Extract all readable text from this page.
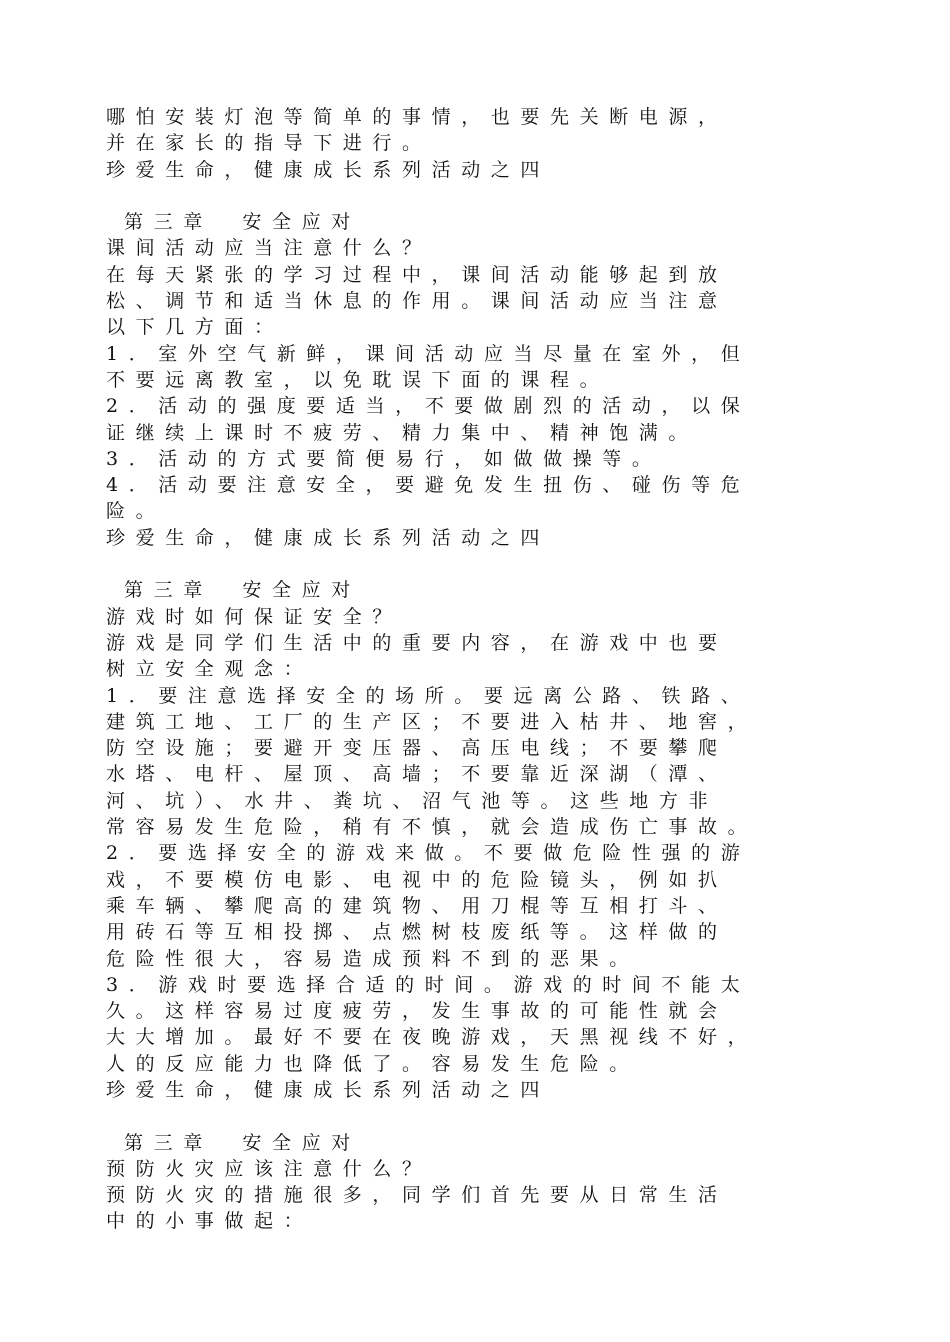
哪怕安装灯泡等简单的事情，也要先关断电源，
并在家长的指导下进行。
珍爱生命，健康成长系列活动之四
第三章　安全应对
课间活动应当注意什么？
在每天紧张的学习过程中，课间活动能够起到放
松、调节和适当休息的作用。课间活动应当注意
以下几方面：
1．室外空气新鲜，课间活动应当尽量在室外，但
不要远离教室，以免耽误下面的课程。
2．活动的强度要适当，不要做剧烈的活动，以保
证继续上课时不疲劳、精力集中、精神饱满。
3．活动的方式要简便易行，如做做操等。
4．活动要注意安全，要避免发生扭伤、碰伤等危
险。
珍爱生命，健康成长系列活动之四
第三章　安全应对
游戏时如何保证安全？
游戏是同学们生活中的重要内容，在游戏中也要
树立安全观念：
1．要注意选择安全的场所。要远离公路、铁路、
建筑工地、工厂的生产区；不要进入枯井、地窖，
防空设施；要避开变压器、高压电线；不要攀爬
水塔、电杆、屋顶、高墙；不要靠近深湖（潭、
河、坑）、水井、粪坑、沼气池等。这些地方非
常容易发生危险，稍有不慎，就会造成伤亡事故。
2．要选择安全的游戏来做。不要做危险性强的游
戏，不要模仿电影、电视中的危险镜头，例如扒
乘车辆、攀爬高的建筑物、用刀棍等互相打斗、
用砖石等互相投掷、点燃树枝废纸等。这样做的
危险性很大，容易造成预料不到的恶果。
3．游戏时要选择合适的时间。游戏的时间不能太
久。这样容易过度疲劳，发生事故的可能性就会
大大增加。最好不要在夜晚游戏，天黑视线不好，
人的反应能力也降低了。容易发生危险。
珍爱生命，健康成长系列活动之四
第三章　安全应对
预防火灾应该注意什么？
预防火灾的措施很多，同学们首先要从日常生活
中的小事做起：
